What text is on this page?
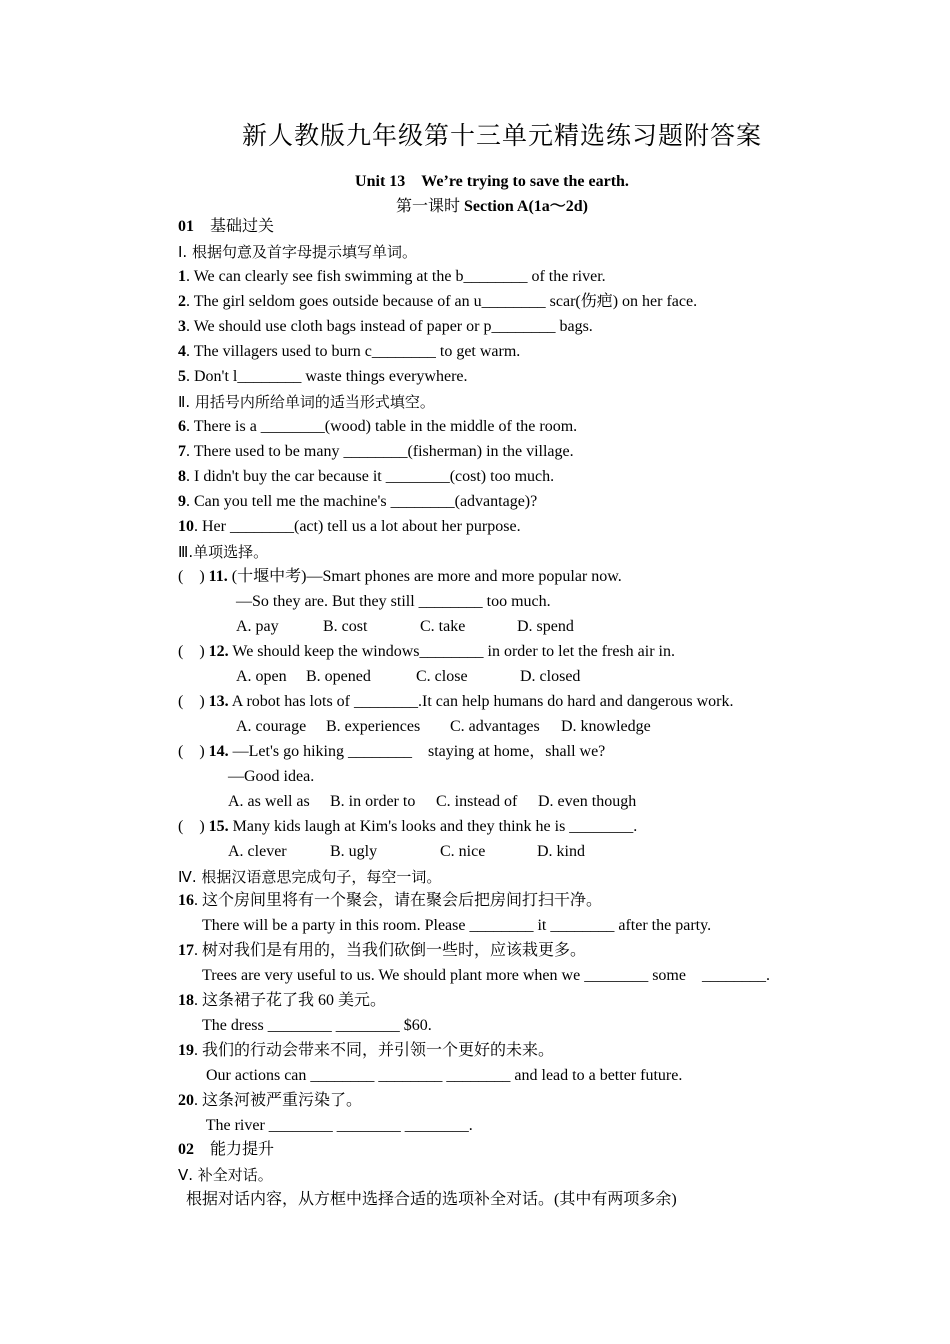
新人教版九年级第十三单元精选练习题附答案
Unit 13　We’re trying to save the earth.
第一课时 Section A(1a～2d)
01　基础过关
Ⅰ. 根据句意及首字母提示填写单词。
1. We can clearly see fish swimming at the b________ of the river.
2. The girl seldom goes outside because of an u________ scar(伤疤) on her face.
3. We should use cloth bags instead of paper or p________ bags.
4. The villagers used to burn c________ to get warm.
5. Don't l________ waste things everywhere.
Ⅱ. 用括号内所给单词的适当形式填空。
6. There is a ________(wood) table in the middle of the room.
7. There used to be many ________(fisherman) in the village.
8. I didn't buy the car because it ________(cost) too much.
9. Can you tell me the machine's ________(advantage)?
10. Her ________(act) tell us a lot about her purpose.
Ⅲ.单项选择。
(    ) 11. (十堰中考)—Smart phones are more and more popular now.
—So they are. But they still ________ too much.
A. pay	B. cost	C. take	D. spend
(    ) 12. We should keep the windows________ in order to let the fresh air in.
A. open B. opened	C. close	D. closed
(    ) 13. A robot has lots of ________.It can help humans do hard and dangerous work.
A. courage B. experiences C. advantages D. knowledge
(    ) 14. —Let's go hiking ________    staying at home，shall we?
—Good idea.
A. as well as B. in order to C. instead of D. even though
(    ) 15. Many kids laugh at Kim's looks and they think he is ________.
A. clever	B. ugly	C. nice	D. kind
Ⅳ. 根据汉语意思完成句子，每空一词。
16. 这个房间里将有一个聚会，请在聚会后把房间打扫干净。
There will be a party in this room. Please ________ it ________ after the party.
17. 树对我们是有用的，当我们砍倒一些时，应该栽更多。
Trees are very useful to us. We should plant more when we ________ some    ________.
18. 这条裙子花了我 60 美元。
The dress ________ ________ $60.
19. 我们的行动会带来不同，并引领一个更好的未来。
Our actions can ________ ________ ________ and lead to a better future.
20. 这条河被严重污染了。
The river ________ ________ ________.
02　能力提升
Ⅴ. 补全对话。
根据对话内容，从方框中选择合适的选项补全对话。(其中有两项多余)
